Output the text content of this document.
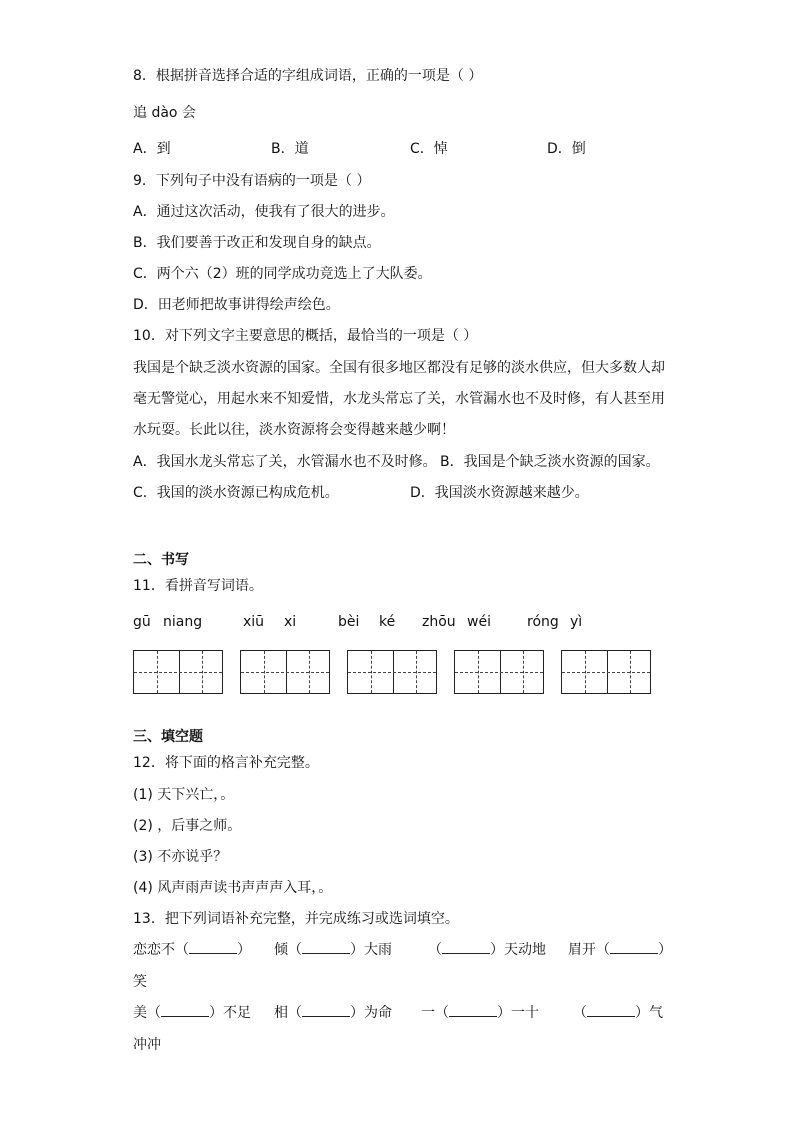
8．根据拼音选择合适的字组成词语，正确的一项是（ ）
追 dào 会
A．到	B．道	C．悼	D．倒
9．下列句子中没有语病的一项是（ ）
A．通过这次活动，使我有了很大的进步。
B．我们要善于改正和发现自身的缺点。
C．两个六（2）班的同学成功竞选上了大队委。
D．田老师把故事讲得绘声绘色。
10．对下列文字主要意思的概括，最恰当的一项是（ ）
我国是个缺乏淡水资源的国家。全国有很多地区都没有足够的淡水供应，但大多数人却
毫无警觉心，用起水来不知爱惜，水龙头常忘了关，水管漏水也不及时修，有人甚至用
水玩耍。长此以往，淡水资源将会变得越来越少啊！
A．我国水龙头常忘了关，水管漏水也不及时修。 B．我国是个缺乏淡水资源的国家。
C．我国的淡水资源已构成危机。	D．我国淡水资源越来越少。
二、书写
11．看拼音写词语。
gū niang	xiū xi	bèi ké zhōu wéi	róng yì
三、填空题
12．将下面的格言补充完整。
(1) 天下兴亡，。
(2) ，后事之师。
(3) 不亦说乎？
(4) 风声雨声读书声声声入耳，。
13．把下列词语补充完整，并完成练习或选词填空。
恋恋不（	） 倾（	）大雨	（	）天动地 眉开（	）
笑
美（	）不足 相（	）为命 一（	）一十 （	）气
冲冲
